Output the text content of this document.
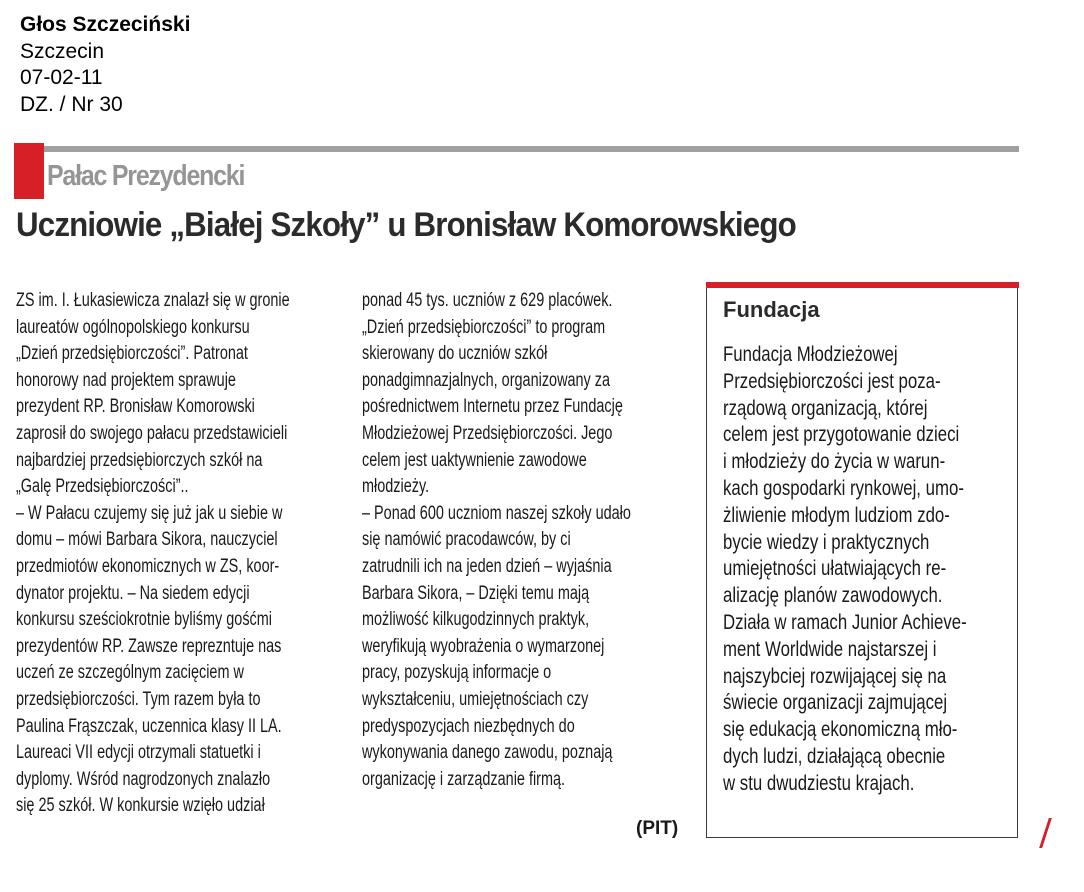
Głos Szczeciński
Szczecin
07-02-11
DZ. / Nr 30
Pałac Prezydencki
Uczniowie „Białej Szkoły” u Bronisław Komorowskiego
ZS im. I. Łukasiewicza znalazł się w gronie
laureatów ogólnopolskiego konkursu
„Dzień przedsiębiorczości”. Patronat
honorowy nad projektem sprawuje
prezydent RP. Bronisław Komorowski
zaprosił do swojego pałacu przedstawicieli
najbardziej przedsiębiorczych szkół na
„Galę Przedsiębiorczości”..
– W Pałacu czujemy się już jak u siebie w
domu – mówi Barbara Sikora, nauczyciel
przedmiotów ekonomicznych w ZS, koor-
dynator projektu. – Na siedem edycji
konkursu sześciokrotnie byliśmy gośćmi
prezydentów RP. Zawsze reprezntuje nas
uczeń ze szczególnym zacięciem w
przedsiębiorczości. Tym razem była to
Paulina Frąszczak, uczennica klasy II LA.
Laureaci VII edycji otrzymali statuetki i
dyplomy. Wśród nagrodzonych znalazło
się 25 szkół. W konkursie wzięło udział
ponad 45 tys. uczniów z 629 placówek.
„Dzień przedsiębiorczości” to program
skierowany do uczniów szkół
ponadgimnazjalnych, organizowany za
pośrednictwem Internetu przez Fundację
Młodzieżowej Przedsiębiorczości. Jego
celem jest uaktywnienie zawodowe
młodzieży.
– Ponad 600 uczniom naszej szkoły udało
się namówić pracodawców, by ci
zatrudnili ich na jeden dzień – wyjaśnia
Barbara Sikora, – Dzięki temu mają
możliwość kilkugodzinnych praktyk,
weryfikują wyobrażenia o wymarzonej
pracy, pozyskują informacje o
wykształceniu, umiejętnościach czy
predyspozycjach niezbędnych do
wykonywania danego zawodu, poznają
organizację i zarządzanie firmą.
(PIT)
Fundacja
Fundacja Młodzieżowej
Przedsiębiorczości jest poza-
rządową organizacją, której
celem jest przygotowanie dzieci
i młodzieży do życia w warun-
kach gospodarki rynkowej, umo-
żliwienie młodym ludziom zdo-
bycie wiedzy i praktycznych
umiejętności ułatwiających re-
alizację planów zawodowych.
Działa w ramach Junior Achieve-
ment Worldwide najstarszej i
najszybciej rozwijającej się na
świecie organizacji zajmującej
się edukacją ekonomiczną mło-
dych ludzi, działającą obecnie
w stu dwudziestu krajach.
